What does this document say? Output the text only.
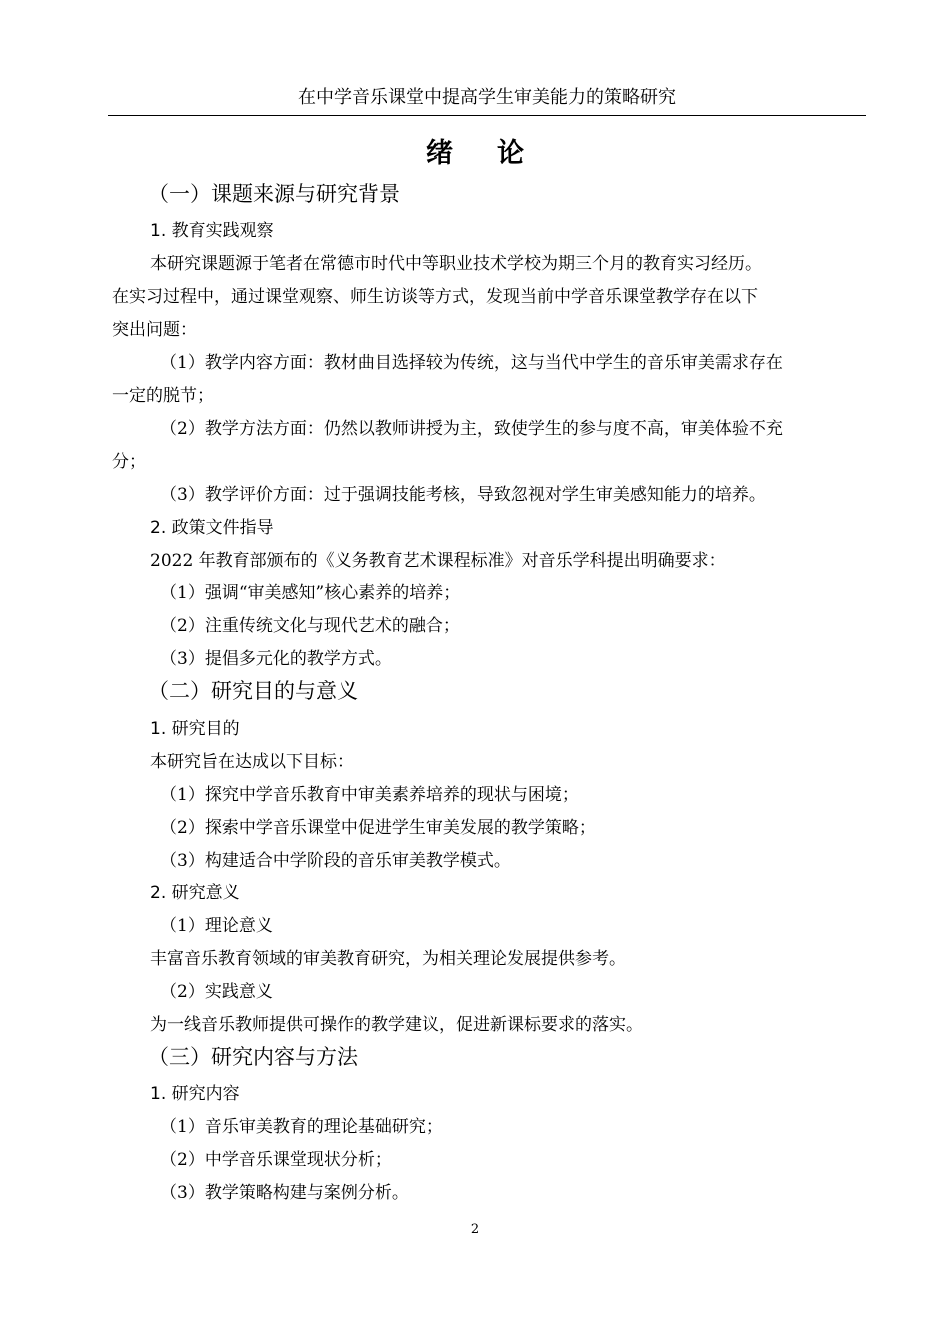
在中学音乐课堂中提高学生审美能力的策略研究
绪论
（一）课题来源与研究背景
1. 教育实践观察
本研究课题源于笔者在常德市时代中等职业技术学校为期三个月的教育实习经历。
在实习过程中，通过课堂观察、师生访谈等方式，发现当前中学音乐课堂教学存在以下
突出问题：
（1）教学内容方面：教材曲目选择较为传统，这与当代中学生的音乐审美需求存在
一定的脱节；
（2）教学方法方面：仍然以教师讲授为主，致使学生的参与度不高，审美体验不充
分；
（3）教学评价方面：过于强调技能考核，导致忽视对学生审美感知能力的培养。
2. 政策文件指导
2022 年教育部颁布的《义务教育艺术课程标准》对音乐学科提出明确要求：
（1）强调“审美感知”核心素养的培养；
（2）注重传统文化与现代艺术的融合；
（3）提倡多元化的教学方式。
（二）研究目的与意义
1. 研究目的
本研究旨在达成以下目标：
（1）探究中学音乐教育中审美素养培养的现状与困境；
（2）探索中学音乐课堂中促进学生审美发展的教学策略；
（3）构建适合中学阶段的音乐审美教学模式。
2. 研究意义
（1）理论意义
丰富音乐教育领域的审美教育研究，为相关理论发展提供参考。
（2）实践意义
为一线音乐教师提供可操作的教学建议，促进新课标要求的落实。
（三）研究内容与方法
1. 研究内容
（1）音乐审美教育的理论基础研究；
（2）中学音乐课堂现状分析；
（3）教学策略构建与案例分析。
2
